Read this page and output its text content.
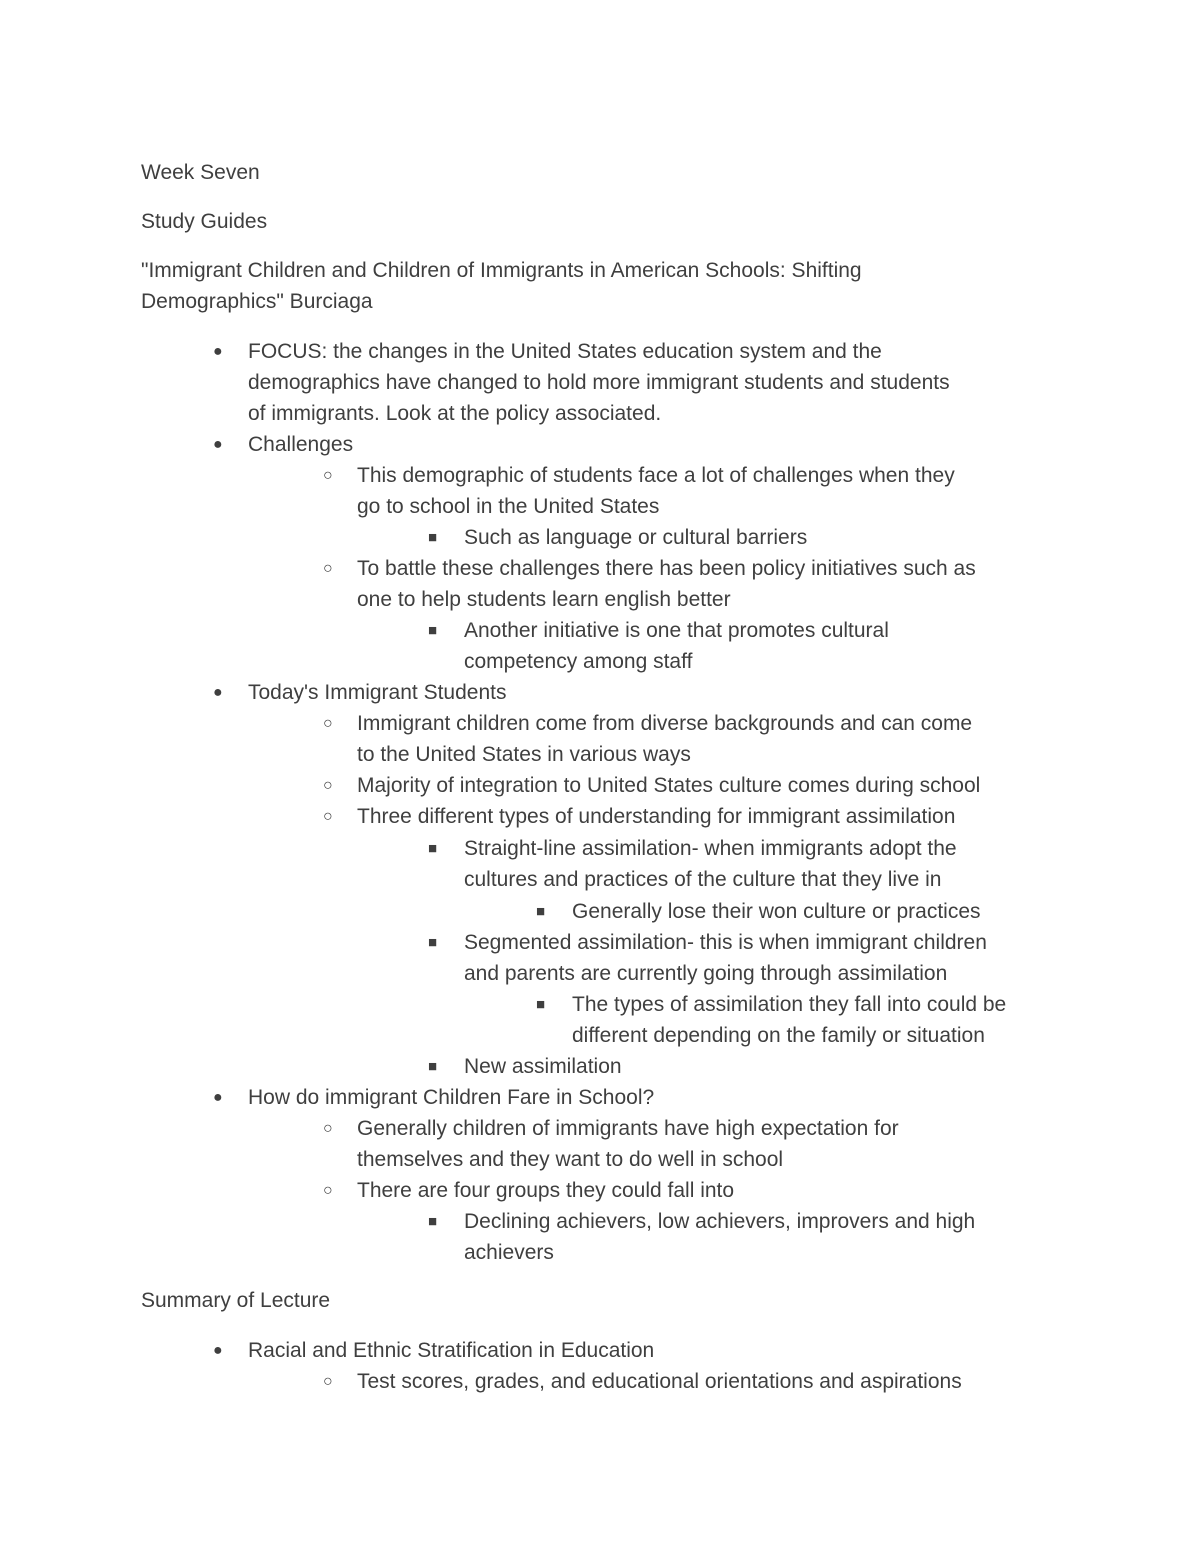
Week Seven

Study Guides

"Immigrant Children and Children of Immigrants in American Schools: Shifting

Demographics" Burciaga

● FOCUS: the changes in the United States education system and the
demographics have changed to hold more immigrant students and students
of immigrants. Look at the policy associated.
● Challenges
○ This demographic of students face a lot of challenges when they
go to school in the United States
■ Such as language or cultural barriers
○ To battle these challenges there has been policy initiatives such as
one to help students learn english better
■ Another initiative is one that promotes cultural
competency among staff
● Today's Immigrant Students
○ Immigrant children come from diverse backgrounds and can come
to the United States in various ways
○ Majority of integration to United States culture comes during school
○ Three different types of understanding for immigrant assimilation
■ Straight-line assimilation- when immigrants adopt the
cultures and practices of the culture that they live in
■ Generally lose their won culture or practices
■ Segmented assimilation- this is when immigrant children
and parents are currently going through assimilation
■ The types of assimilation they fall into could be
different depending on the family or situation
■ New assimilation
● How do immigrant Children Fare in School?
○ Generally children of immigrants have high expectation for
themselves and they want to do well in school
○ There are four groups they could fall into
■ Declining achievers, low achievers, improvers and high
achievers

Summary of Lecture

● Racial and Ethnic Stratification in Education
○ Test scores, grades, and educational orientations and aspirations
